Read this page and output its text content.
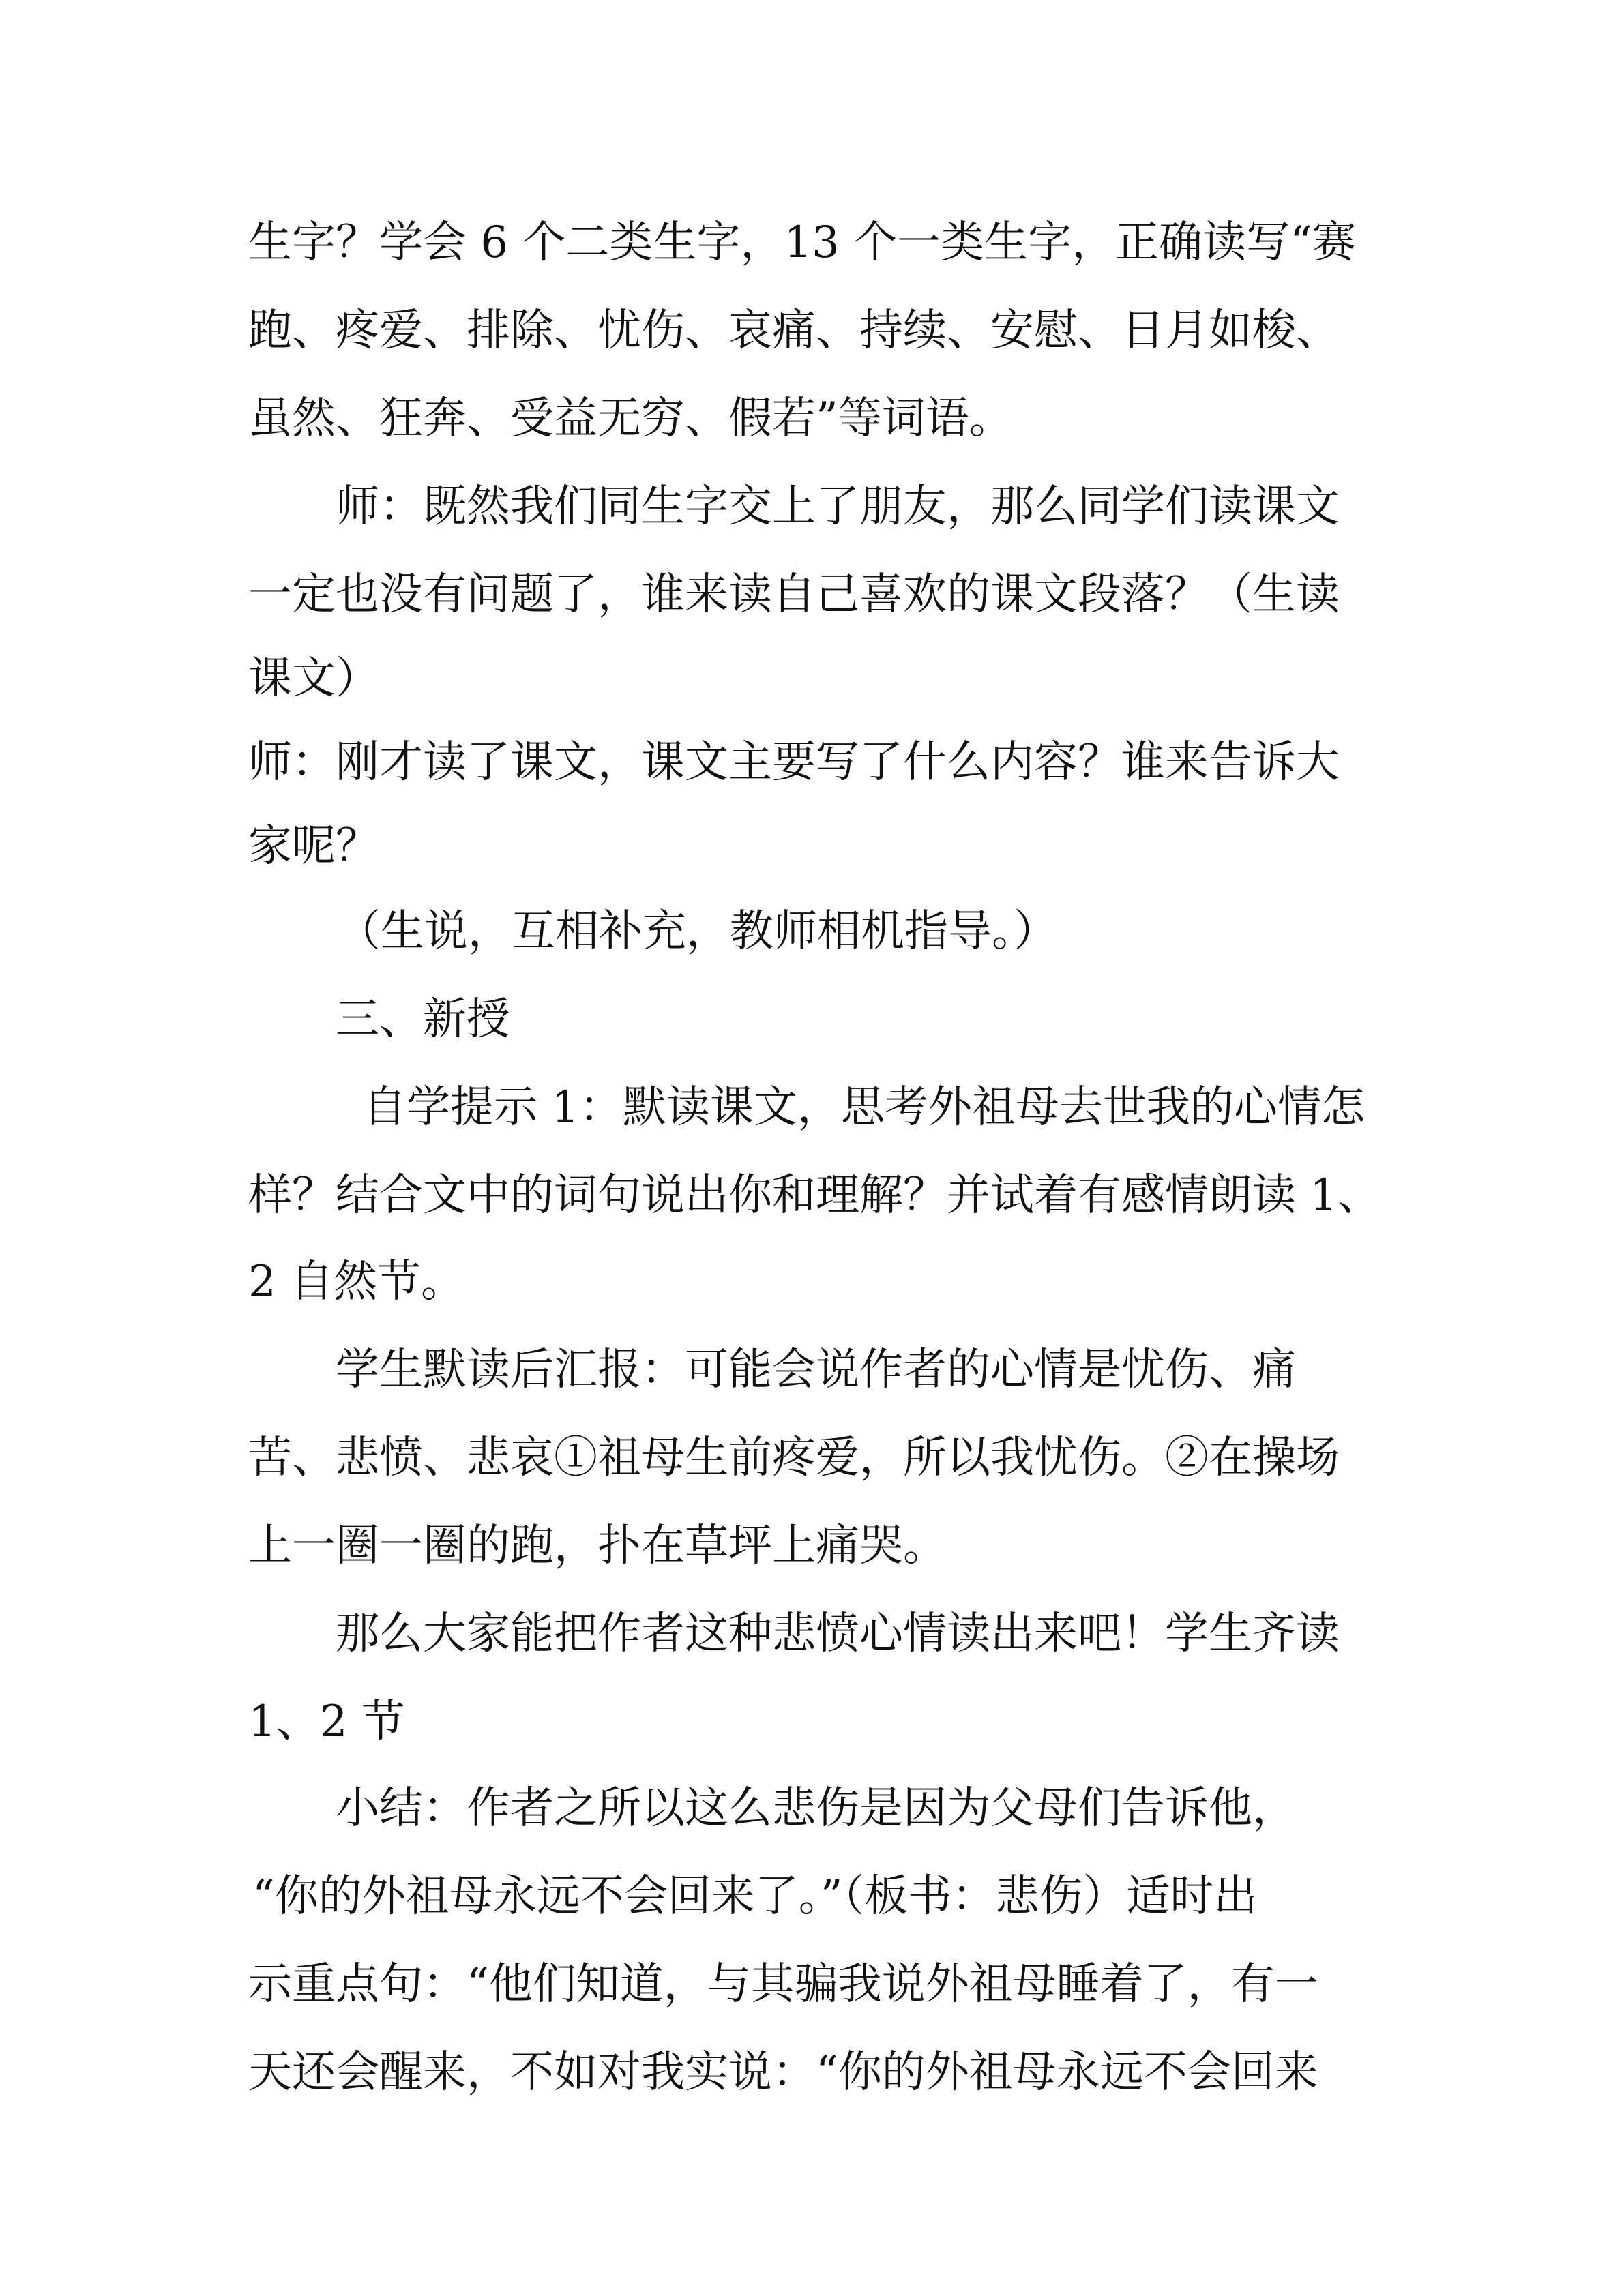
生字？学会 6 个二类生字，13 个一类生字，正确读写“赛

跑、疼爱、排除、忧伤、哀痛、持续、安慰、日月如梭、

虽然、狂奔、受益无穷、假若”等词语。

师：既然我们同生字交上了朋友，那么同学们读课文

一定也没有问题了，谁来读自己喜欢的课文段落？（生读

课文）

师：刚才读了课文，课文主要写了什么内容？谁来告诉大

家呢？

（生说，互相补充，教师相机指导。）

三、新授

自学提示 1：默读课文，思考外祖母去世我的心情怎

样？结合文中的词句说出你和理解？并试着有感情朗读 1、

2 自然节。

学生默读后汇报：可能会说作者的心情是忧伤、痛

苦、悲愤、悲哀①祖母生前疼爱，所以我忧伤。②在操场

上一圈一圈的跑，扑在草坪上痛哭。

那么大家能把作者这种悲愤心情读出来吧！学生齐读

1、2 节

小结：作者之所以这么悲伤是因为父母们告诉他，

“你的外祖母永远不会回来了。”（板书：悲伤）适时出

示重点句：“他们知道，与其骗我说外祖母睡着了，有一

天还会醒来，不如对我实说：“你的外祖母永远不会回来
